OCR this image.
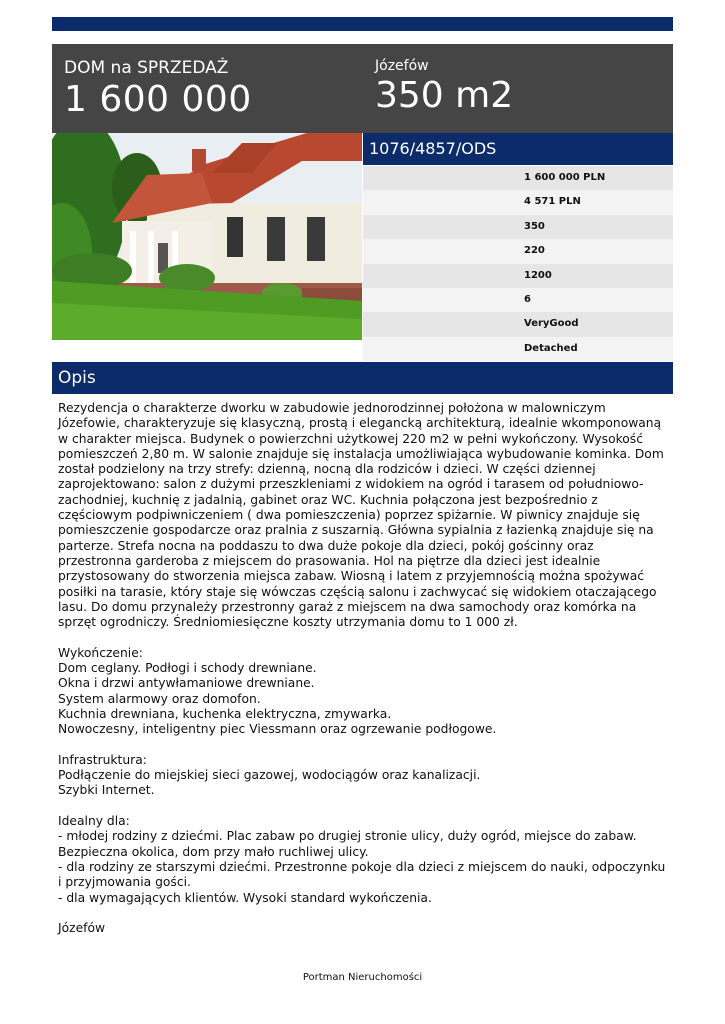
DOM na SPRZEDAŻ
1 600 000
Józefów
350 m2
1076/4857/ODS
1 600 000 PLN
4 571 PLN
350
220
1200
6
VeryGood
Detached
Opis

Rezydencja o charakterze dworku w zabudowie jednorodzinnej położona w malowniczym Józefowie, charakteryzuje się klasyczną, prostą i elegancką architekturą, idealnie wkomponowaną w charakter miejsca. Budynek o powierzchni użytkowej 220 m2 w pełni wykończony. Wysokość pomieszczeń 2,80 m. W salonie znajduje się instalacja umożliwiająca wybudowanie kominka. Dom został podzielony na trzy strefy: dzienną, nocną dla rodziców i dzieci. W części dziennej zaprojektowano: salon z dużymi przeszkleniami z widokiem na ogród i tarasem od południowo-zachodniej, kuchnię z jadalnią, gabinet oraz WC. Kuchnia połączona jest bezpośrednio z częściowym podpiwniczeniem ( dwa pomieszczenia) poprzez spiżarnie. W piwnicy znajduje się pomieszczenie gospodarcze oraz pralnia z suszarnią. Główna sypialnia z łazienką znajduje się na parterze. Strefa nocna na poddaszu to dwa duże pokoje dla dzieci, pokój gościnny oraz przestronna garderoba z miejscem do prasowania. Hol na piętrze dla dzieci jest idealnie przystosowany do stworzenia miejsca zabaw. Wiosną i latem z przyjemnością można spożywać posiłki na tarasie, który staje się wówczas częścią salonu i zachwycać się widokiem otaczającego lasu. Do domu przynależy przestronny garaż z miejscem na dwa samochody oraz komórka na sprzęt ogrodniczy. Średniomiesięczne koszty utrzymania domu to 1 000 zł.

Wykończenie:
Dom ceglany. Podłogi i schody drewniane.
Okna i drzwi antywłamaniowe drewniane.
System alarmowy oraz domofon.
Kuchnia drewniana, kuchenka elektryczna, zmywarka.
Nowoczesny, inteligentny piec Viessmann oraz ogrzewanie podłogowe.

Infrastruktura:
Podłączenie do miejskiej sieci gazowej, wodociągów oraz kanalizacji.
Szybki Internet.

Idealny dla:
- młodej rodziny z dziećmi. Plac zabaw po drugiej stronie ulicy, duży ogród, miejsce do zabaw. Bezpieczna okolica, dom przy mało ruchliwej ulicy.
- dla rodziny ze starszymi dziećmi. Przestronne pokoje dla dzieci z miejscem do nauki, odpoczynku i przyjmowania gości.
- dla wymagających klientów. Wysoki standard wykończenia.

Józefów

Portman Nieruchomości
